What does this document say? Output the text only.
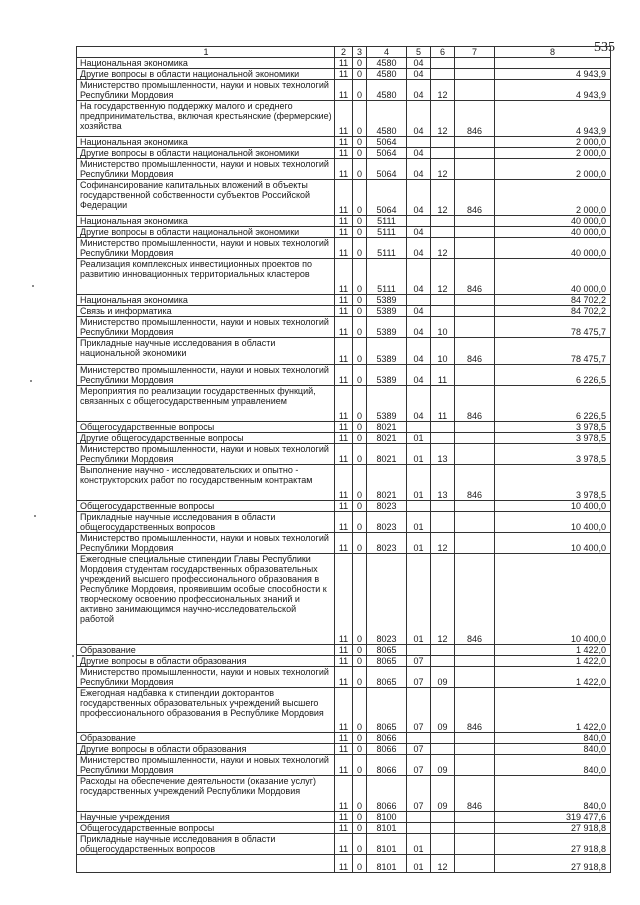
535
1	2	3	4	5	6	7	8
Национальная экономика	11	0	4580	04			
Другие вопросы в области национальной экономики	11	0	4580	04			4 943,9
Министерство промышленности, науки и новых технологий Республики Мордовия	11	0	4580	04	12		4 943,9
На государственную поддержку малого и среднего предпринимательства, включая крестьянские (фермерские) хозяйства	11	0	4580	04	12	846	4 943,9
Национальная экономика	11	0	5064				2 000,0
Другие вопросы в области национальной экономики	11	0	5064	04			2 000,0
Министерство промышленности, науки и новых технологий Республики Мордовия	11	0	5064	04	12		2 000,0
Софинансирование капитальных вложений в объекты государственной собственности субъектов Российской Федерации	11	0	5064	04	12	846	2 000,0
Национальная экономика	11	0	5111				40 000,0
Другие вопросы в области национальной экономики	11	0	5111	04			40 000,0
Министерство промышленности, науки и новых технологий Республики Мордовия	11	0	5111	04	12		40 000,0
Реализация комплексных инвестиционных проектов по развитию инновационных территориальных кластеров	11	0	5111	04	12	846	40 000,0
Национальная экономика	11	0	5389				84 702,2
Связь и информатика	11	0	5389	04			84 702,2
Министерство промышленности, науки и новых технологий Республики Мордовия	11	0	5389	04	10		78 475,7
Прикладные научные исследования в области национальной экономики	11	0	5389	04	10	846	78 475,7
Министерство промышленности, науки и новых технологий Республики Мордовия	11	0	5389	04	11		6 226,5
Мероприятия по реализации государственных функций, связанных с общегосударственным управлением	11	0	5389	04	11	846	6 226,5
Общегосударственные вопросы	11	0	8021				3 978,5
Другие общегосударственные вопросы	11	0	8021	01			3 978,5
Министерство промышленности, науки и новых технологий Республики Мордовия	11	0	8021	01	13		3 978,5
Выполнение научно - исследовательских и опытно - конструкторских работ по государственным контрактам	11	0	8021	01	13	846	3 978,5
Общегосударственные вопросы	11	0	8023				10 400,0
Прикладные научные исследования в области общегосударственных вопросов	11	0	8023	01			10 400,0
Министерство промышленности, науки и новых технологий Республики Мордовия	11	0	8023	01	12		10 400,0
Ежегодные специальные стипендии Главы Республики Мордовия студентам государственных образовательных учреждений высшего профессионального образования в Республике Мордовия, проявившим особые способности к творческому освоению профессиональных знаний и активно занимающимся научно-исследовательской работой	11	0	8023	01	12	846	10 400,0
Образование	11	0	8065				1 422,0
Другие вопросы в области образования	11	0	8065	07			1 422,0
Министерство промышленности, науки и новых технологий Республики Мордовия	11	0	8065	07	09		1 422,0
Ежегодная надбавка к стипендии докторантов государственных образовательных учреждений высшего профессионального образования в Республике Мордовия	11	0	8065	07	09	846	1 422,0
Образование	11	0	8066				840,0
Другие вопросы в области образования	11	0	8066	07			840,0
Министерство промышленности, науки и новых технологий Республики Мордовия	11	0	8066	07	09		840,0
Расходы на обеспечение деятельности (оказание услуг) государственных учреждений Республики Мордовия	11	0	8066	07	09	846	840,0
Научные учреждения	11	0	8100				319 477,6
Общегосударственные вопросы	11	0	8101				27 918,8
Прикладные научные исследования в области общегосударственных вопросов	11	0	8101	01			27 918,8
	11	0	8101	01	12		27 918,8
